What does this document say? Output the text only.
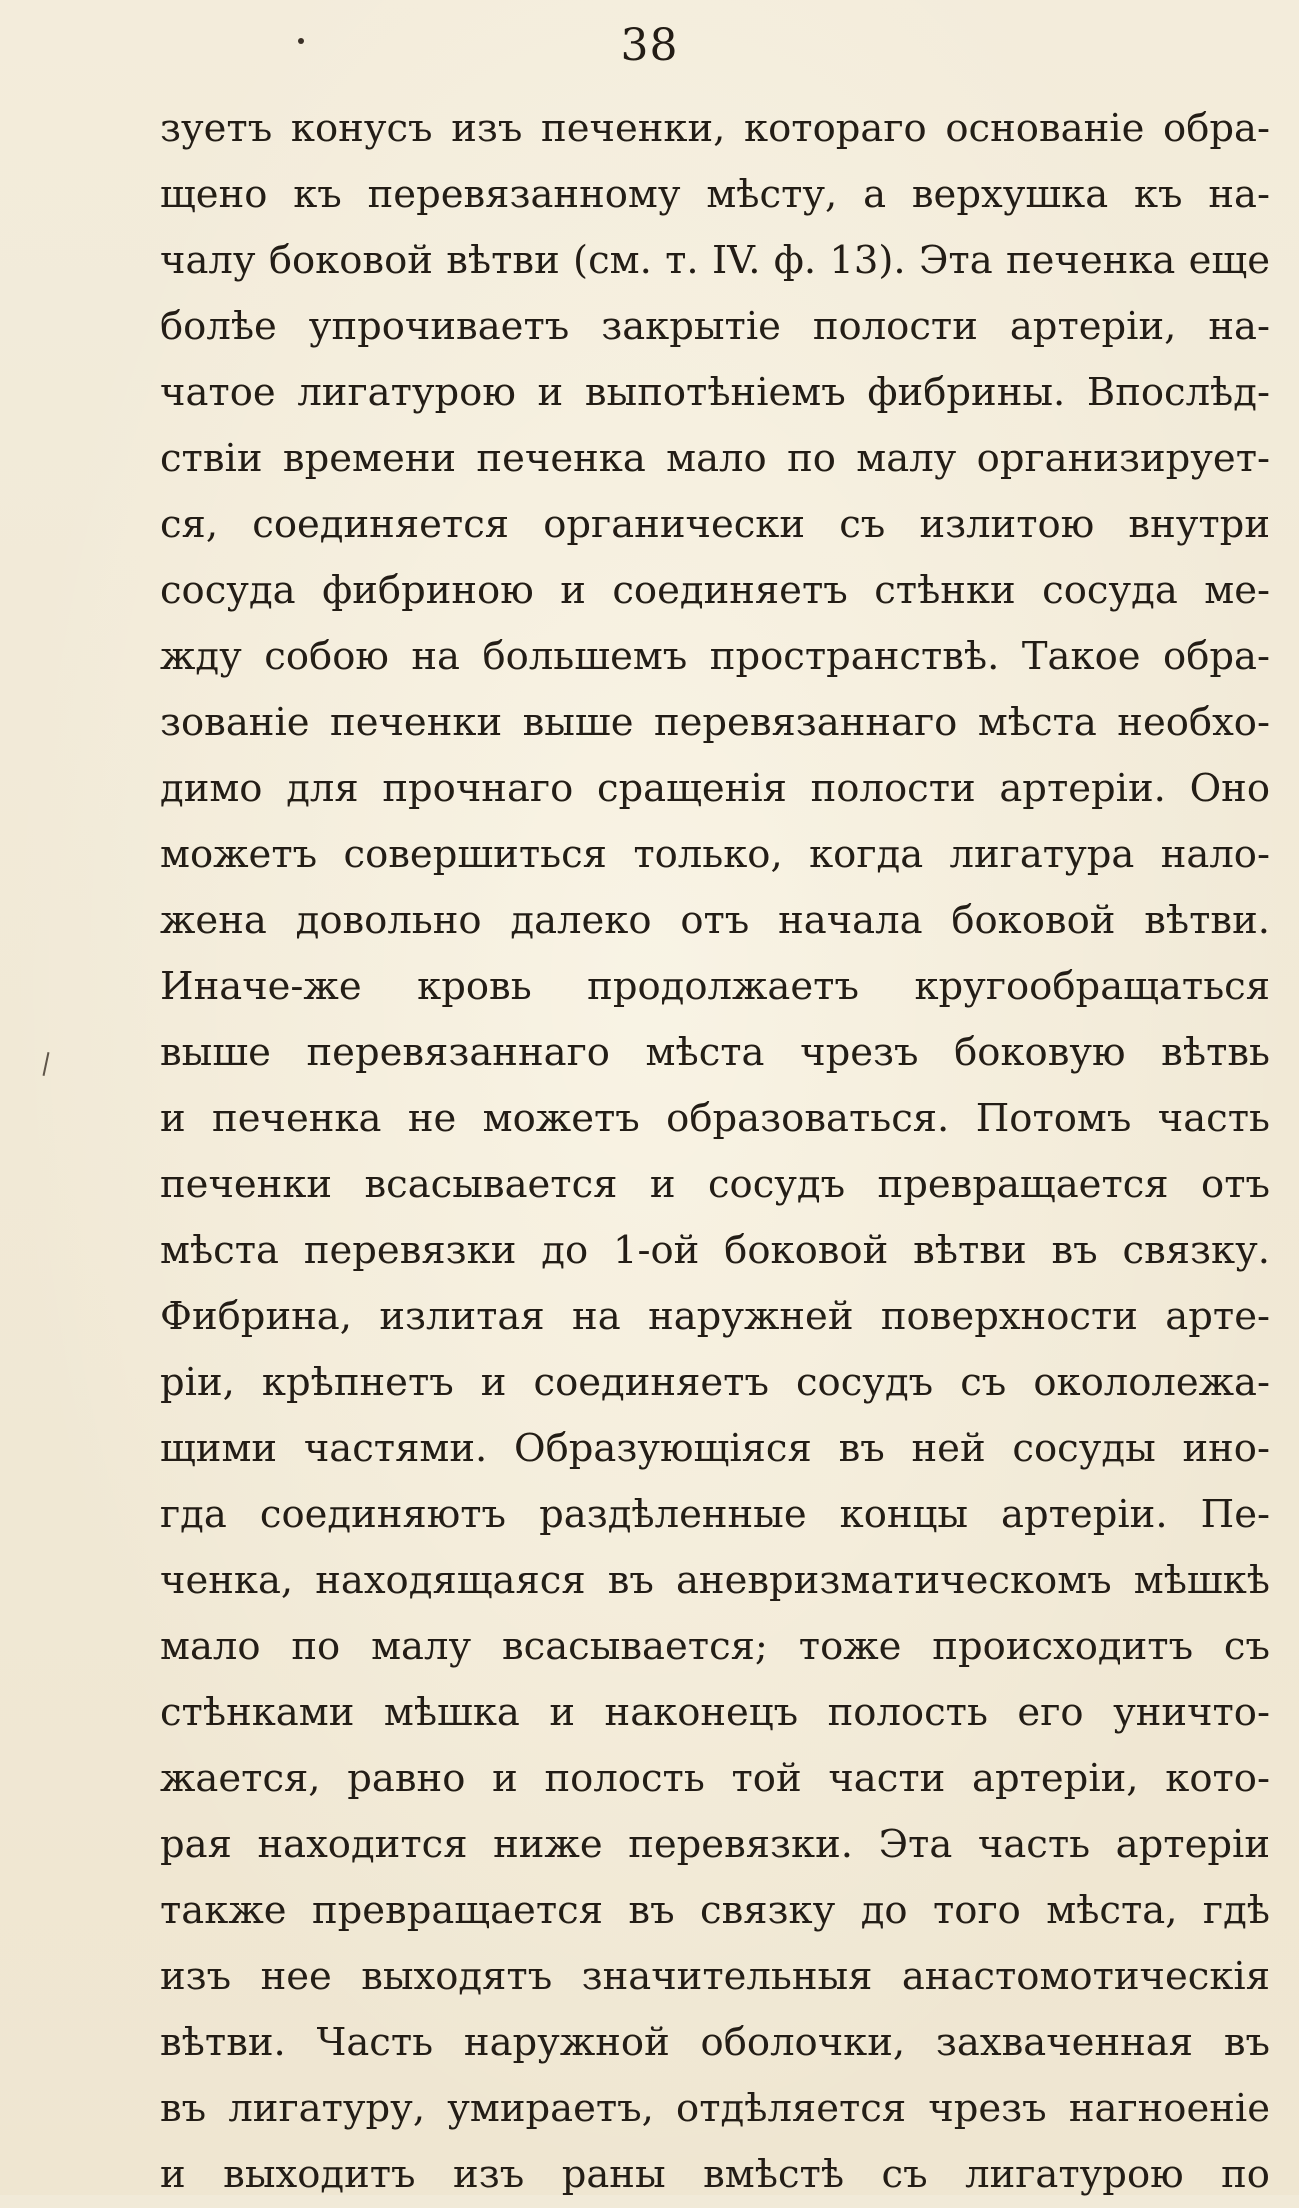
38
зуетъ конусъ изъ печенки, котораго основаніе обра-
щено къ перевязанному мѣсту, а верхушка къ на-
чалу боковой вѣтви (см. т. IV. ф. 13). Эта печенка еще
болѣе упрочиваетъ закрытіе полости артеріи, на-
чатое лигатурою и выпотѣніемъ фибрины. Впослѣд-
ствіи времени печенка мало по малу организирует-
ся, соединяется органически съ излитою внутри
сосуда фибриною и соединяетъ стѣнки сосуда ме-
жду собою на большемъ пространствѣ. Такое обра-
зованіе печенки выше перевязаннаго мѣста необхо-
димо для прочнаго сращенія полости артеріи. Оно
можетъ совершиться только, когда лигатура нало-
жена довольно далеко отъ начала боковой вѣтви.
Иначе-же кровь продолжаетъ кругообращаться
выше перевязаннаго мѣста чрезъ боковую вѣтвь
и печенка не можетъ образоваться. Потомъ часть
печенки всасывается и сосудъ превращается отъ
мѣста перевязки до 1-ой боковой вѣтви въ связку.
Фибрина, излитая на наружней поверхности арте-
ріи, крѣпнетъ и соединяетъ сосудъ съ окололежа-
щими частями. Образующіяся въ ней сосуды ино-
гда соединяютъ раздѣленные концы артеріи. Пе-
ченка, находящаяся въ аневризматическомъ мѣшкѣ
мало по малу всасывается; тоже происходитъ съ
стѣнками мѣшка и наконецъ полость его уничто-
жается, равно и полость той части артеріи, кото-
рая находится ниже перевязки. Эта часть артеріи
также превращается въ связку до того мѣста, гдѣ
изъ нее выходятъ значительныя анастомотическія
вѣтви. Часть наружной оболочки, захваченная въ
въ лигатуру, умираетъ, отдѣляется чрезъ нагноеніе
и выходитъ изъ раны вмѣстѣ съ лигатурою по
